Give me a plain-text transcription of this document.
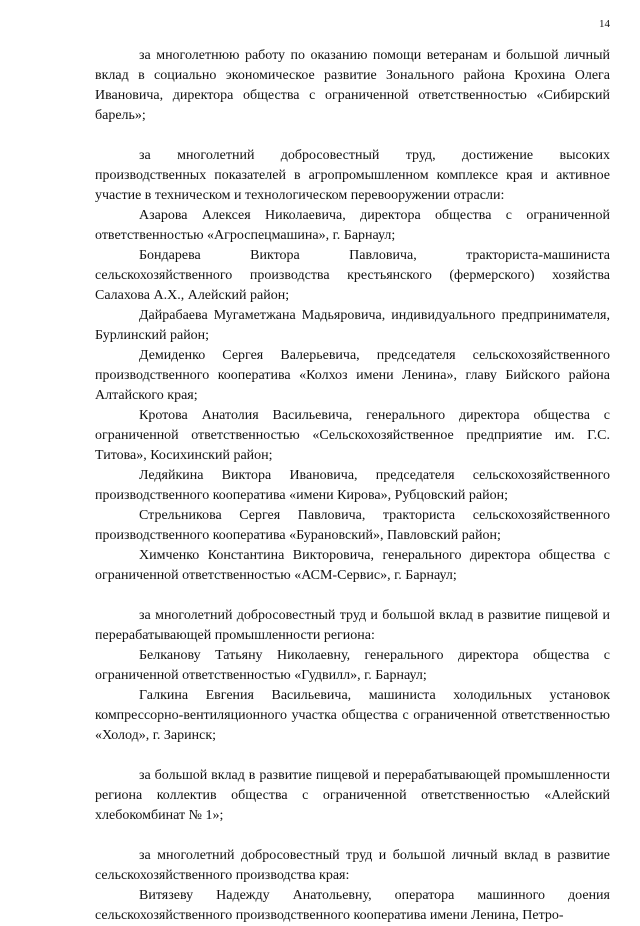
14

за многолетнюю работу по оказанию помощи ветеранам и большой личный вклад в социально экономическое развитие Зонального района Крохина Олега Ивановича, директора общества с ограниченной ответственностью «Сибирский барель»;

за многолетний добросовестный труд, достижение высоких производственных показателей в агропромышленном комплексе края и активное участие в техническом и технологическом перевооружении отрасли:

Азарова Алексея Николаевича, директора общества с ограниченной ответственностью «Агроспецмашина», г. Барнаул;

Бондарева Виктора Павловича, тракториста-машиниста сельскохозяйственного производства крестьянского (фермерского) хозяйства Салахова А.Х., Алейский район;

Дайрабаева Мугаметжана Мадьяровича, индивидуального предпринимателя, Бурлинский район;

Демиденко Сергея Валерьевича, председателя сельскохозяйственного производственного кооператива «Колхоз имени Ленина», главу Бийского района Алтайского края;

Кротова Анатолия Васильевича, генерального директора общества с ограниченной ответственностью «Сельскохозяйственное предприятие им. Г.С. Титова», Косихинский район;

Ледяйкина Виктора Ивановича, председателя сельскохозяйственного производственного кооператива «имени Кирова», Рубцовский район;

Стрельникова Сергея Павловича, тракториста сельскохозяйственного производственного кооператива «Бурановский», Павловский район;

Химченко Константина Викторовича, генерального директора общества с ограниченной ответственностью «АСМ-Сервис», г. Барнаул;

за многолетний добросовестный труд и большой вклад в развитие пищевой и перерабатывающей промышленности региона:

Белканову Татьяну Николаевну, генерального директора общества с ограниченной ответственностью «Гудвилл», г. Барнаул;

Галкина Евгения Васильевича, машиниста холодильных установок компрессорно-вентиляционного участка общества с ограниченной ответственностью «Холод», г. Заринск;

за большой вклад в развитие пищевой и перерабатывающей промышленности региона коллектив общества с ограниченной ответственностью «Алейский хлебокомбинат № 1»;

за многолетний добросовестный труд и большой личный вклад в развитие сельскохозяйственного производства края:

Витязеву Надежду Анатольевну, оператора машинного доения сельскохозяйственного производственного кооператива имени Ленина, Петро-
